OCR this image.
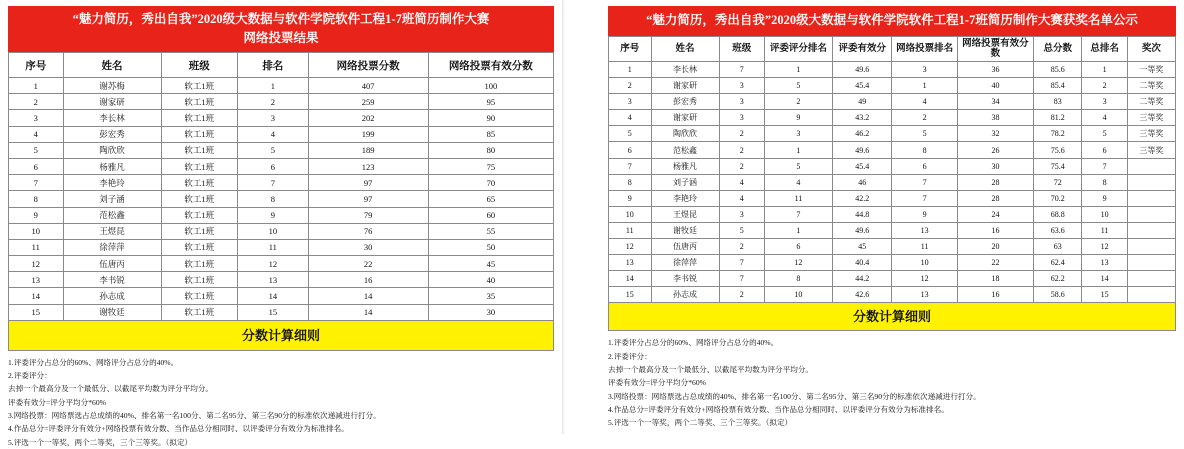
“魅力简历，秀出自我”2020级大数据与软件学院软件工程1-7班简历制作大赛
网络投票结果
序号	姓名	班级	排名	网络投票分数	网络投票有效分数
1	谢苏梅	软工1班	1	407	100
2	谢家研	软工1班	2	259	95
3	李长林	软工1班	3	202	90
4	彭宏秀	软工1班	4	199	85
5	陶欣欣	软工1班	5	189	80
6	杨雅凡	软工1班	6	123	75
7	李艳玲	软工1班	7	97	70
8	刘子涵	软工1班	8	97	65
9	范松鑫	软工1班	9	79	60
10	王煜昆	软工1班	10	76	55
11	徐萍萍	软工1班	11	30	50
12	伍唐丙	软工1班	12	22	45
13	李书锐	软工1班	13	16	40
14	孙志成	软工1班	14	14	35
15	谢牧廷	软工1班	15	14	30
分数计算细则

1.评委评分占总分的60%、网络评分占总分的40%。

2.评委评分：

去掉一个最高分及一个最低分、以截尾平均数为评分平均分。

评委有效分=评分平均分*60%

3.网络投票：网络票选占总成绩的40%、排名第一名100分、第二名95分、第三名90分的标准依次递减进行打分。

4.作品总分=评委评分有效分+网络投票有效分数、当作品总分相同时、以评委评分有效分为标准排名。

5.评选一个一等奖，两个二等奖，三个三等奖。（拟定）

“魅力简历，秀出自我”2020级大数据与软件学院软件工程1-7班简历制作大赛获奖名单公示
序号	姓名	班级	评委评分排名	评委有效分	网络投票排名	网络投票有效分数	总分数	总排名	奖次
1	李长林	7	1	49.6	3	36	85.6	1	一等奖
2	谢家研	3	5	45.4	1	40	85.4	2	二等奖
3	彭宏秀	3	2	49	4	34	83	3	二等奖
4	谢家研	3	9	43.2	2	38	81.2	4	三等奖
5	陶欣欣	2	3	46.2	5	32	78.2	5	三等奖
6	范松鑫	2	1	49.6	8	26	75.6	6	三等奖
7	杨雅凡	2	5	45.4	6	30	75.4	7	
8	刘子涵	4	4	46	7	28	72	8	
9	李艳玲	4	11	42.2	7	28	70.2	9	
10	王煜昆	3	7	44.8	9	24	68.8	10	
11	谢牧廷	5	1	49.6	13	16	63.6	11	
12	伍唐丙	2	6	45	11	20	63	12	
13	徐萍萍	7	12	40.4	10	22	62.4	13	
14	李书锐	7	8	44.2	12	18	62.2	14	
15	孙志成	2	10	42.6	13	16	58.6	15	
分数计算细则

1.评委评分占总分的60%、网络评分占总分的40%。

2.评委评分：

去掉一个最高分及一个最低分、以截尾平均数为评分平均分。

评委有效分=评分平均分*60%

3.网络投票：网络票选占总成绩的40%、排名第一名100分、第二名95分、第三名90分的标准依次递减进行打分。

4.作品总分=评委评分有效分+网络投票有效分数、当作品总分相同时、以评委评分有效分为标准排名。

5.评选一个一等奖，两个二等奖、三个三等奖。（拟定）
